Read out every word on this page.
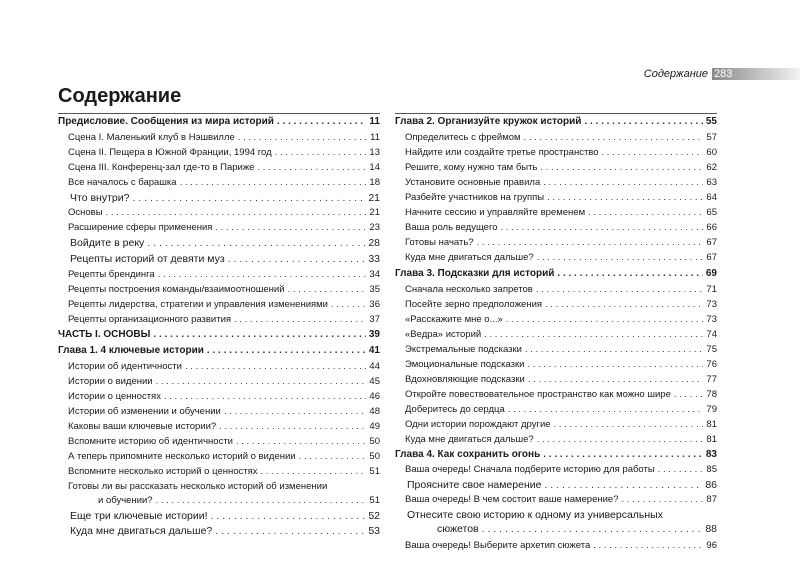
Содержание 283
Содержание
Предисловие. Сообщения из мира историй . . .	11
Сцена I. Маленький клуб в Нэшвилле . . .	11
Сцена II. Пещера в Южной Франции, 1994 год . . .	13
Сцена III. Конференц-зал где-то в Париже . . .	14
Все началось с барашка . . .	18
Что внутри? . . .	21
Основы . . .	21
Расширение сферы применения . . .	23
Войдите в реку . . .	28
Рецепты историй от девяти муз . . .	33
Рецепты брендинга . . .	34
Рецепты построения команды/взаимоотношений . . .	35
Рецепты лидерства, стратегии и управления изменениями . . .	36
Рецепты организационного развития . . .	37
ЧАСТЬ I. ОСНОВЫ . . .	39
Глава 1. 4 ключевые истории . . .	41
Истории об идентичности . . .	44
Истории о видении . . .	45
Истории о ценностях . . .	46
Истории об изменении и обучении . . .	48
Каковы ваши ключевые истории? . . .	49
Вспомните историю об идентичности . . .	50
А теперь припомните несколько историй о видении . . .	50
Вспомните несколько историй о ценностях . . .	51
Готовы ли вы рассказать несколько историй об изменении
и обучении? . . .	51
Еще три ключевые истории! . . .	52
Куда мне двигаться дальше? . . .	53
Глава 2. Организуйте кружок историй . . .	55
Определитесь с фреймом . . .	57
Найдите или создайте третье пространство . . .	60
Решите, кому нужно там быть . . .	62
Установите основные правила . . .	63
Разбейте участников на группы . . .	64
Начните сессию и управляйте временем . . .	65
Ваша роль ведущего . . .	66
Готовы начать? . . .	67
Куда мне двигаться дальше? . . .	67
Глава 3. Подсказки для историй . . .	69
Сначала несколько запретов . . .	71
Посейте зерно предположения . . .	73
«Расскажите мне о...» . . .	73
«Ведра» историй . . .	74
Экстремальные подсказки . . .	75
Эмоциональные подсказки . . .	76
Вдохновляющие подсказки . . .	77
Откройте повествовательное пространство как можно шире . . .	78
Доберитесь до сердца . . .	79
Одни истории порождают другие . . .	81
Куда мне двигаться дальше? . . .	81
Глава 4. Как сохранить огонь . . .	83
Ваша очередь! Сначала подберите историю для работы . . .	85
Проясните свое намерение . . .	86
Ваша очередь! В чем состоит ваше намерение? . . .	87
Отнесите свою историю к одному из универсальных
сюжетов . . .	88
Ваша очередь! Выберите архетип сюжета . . .	96
